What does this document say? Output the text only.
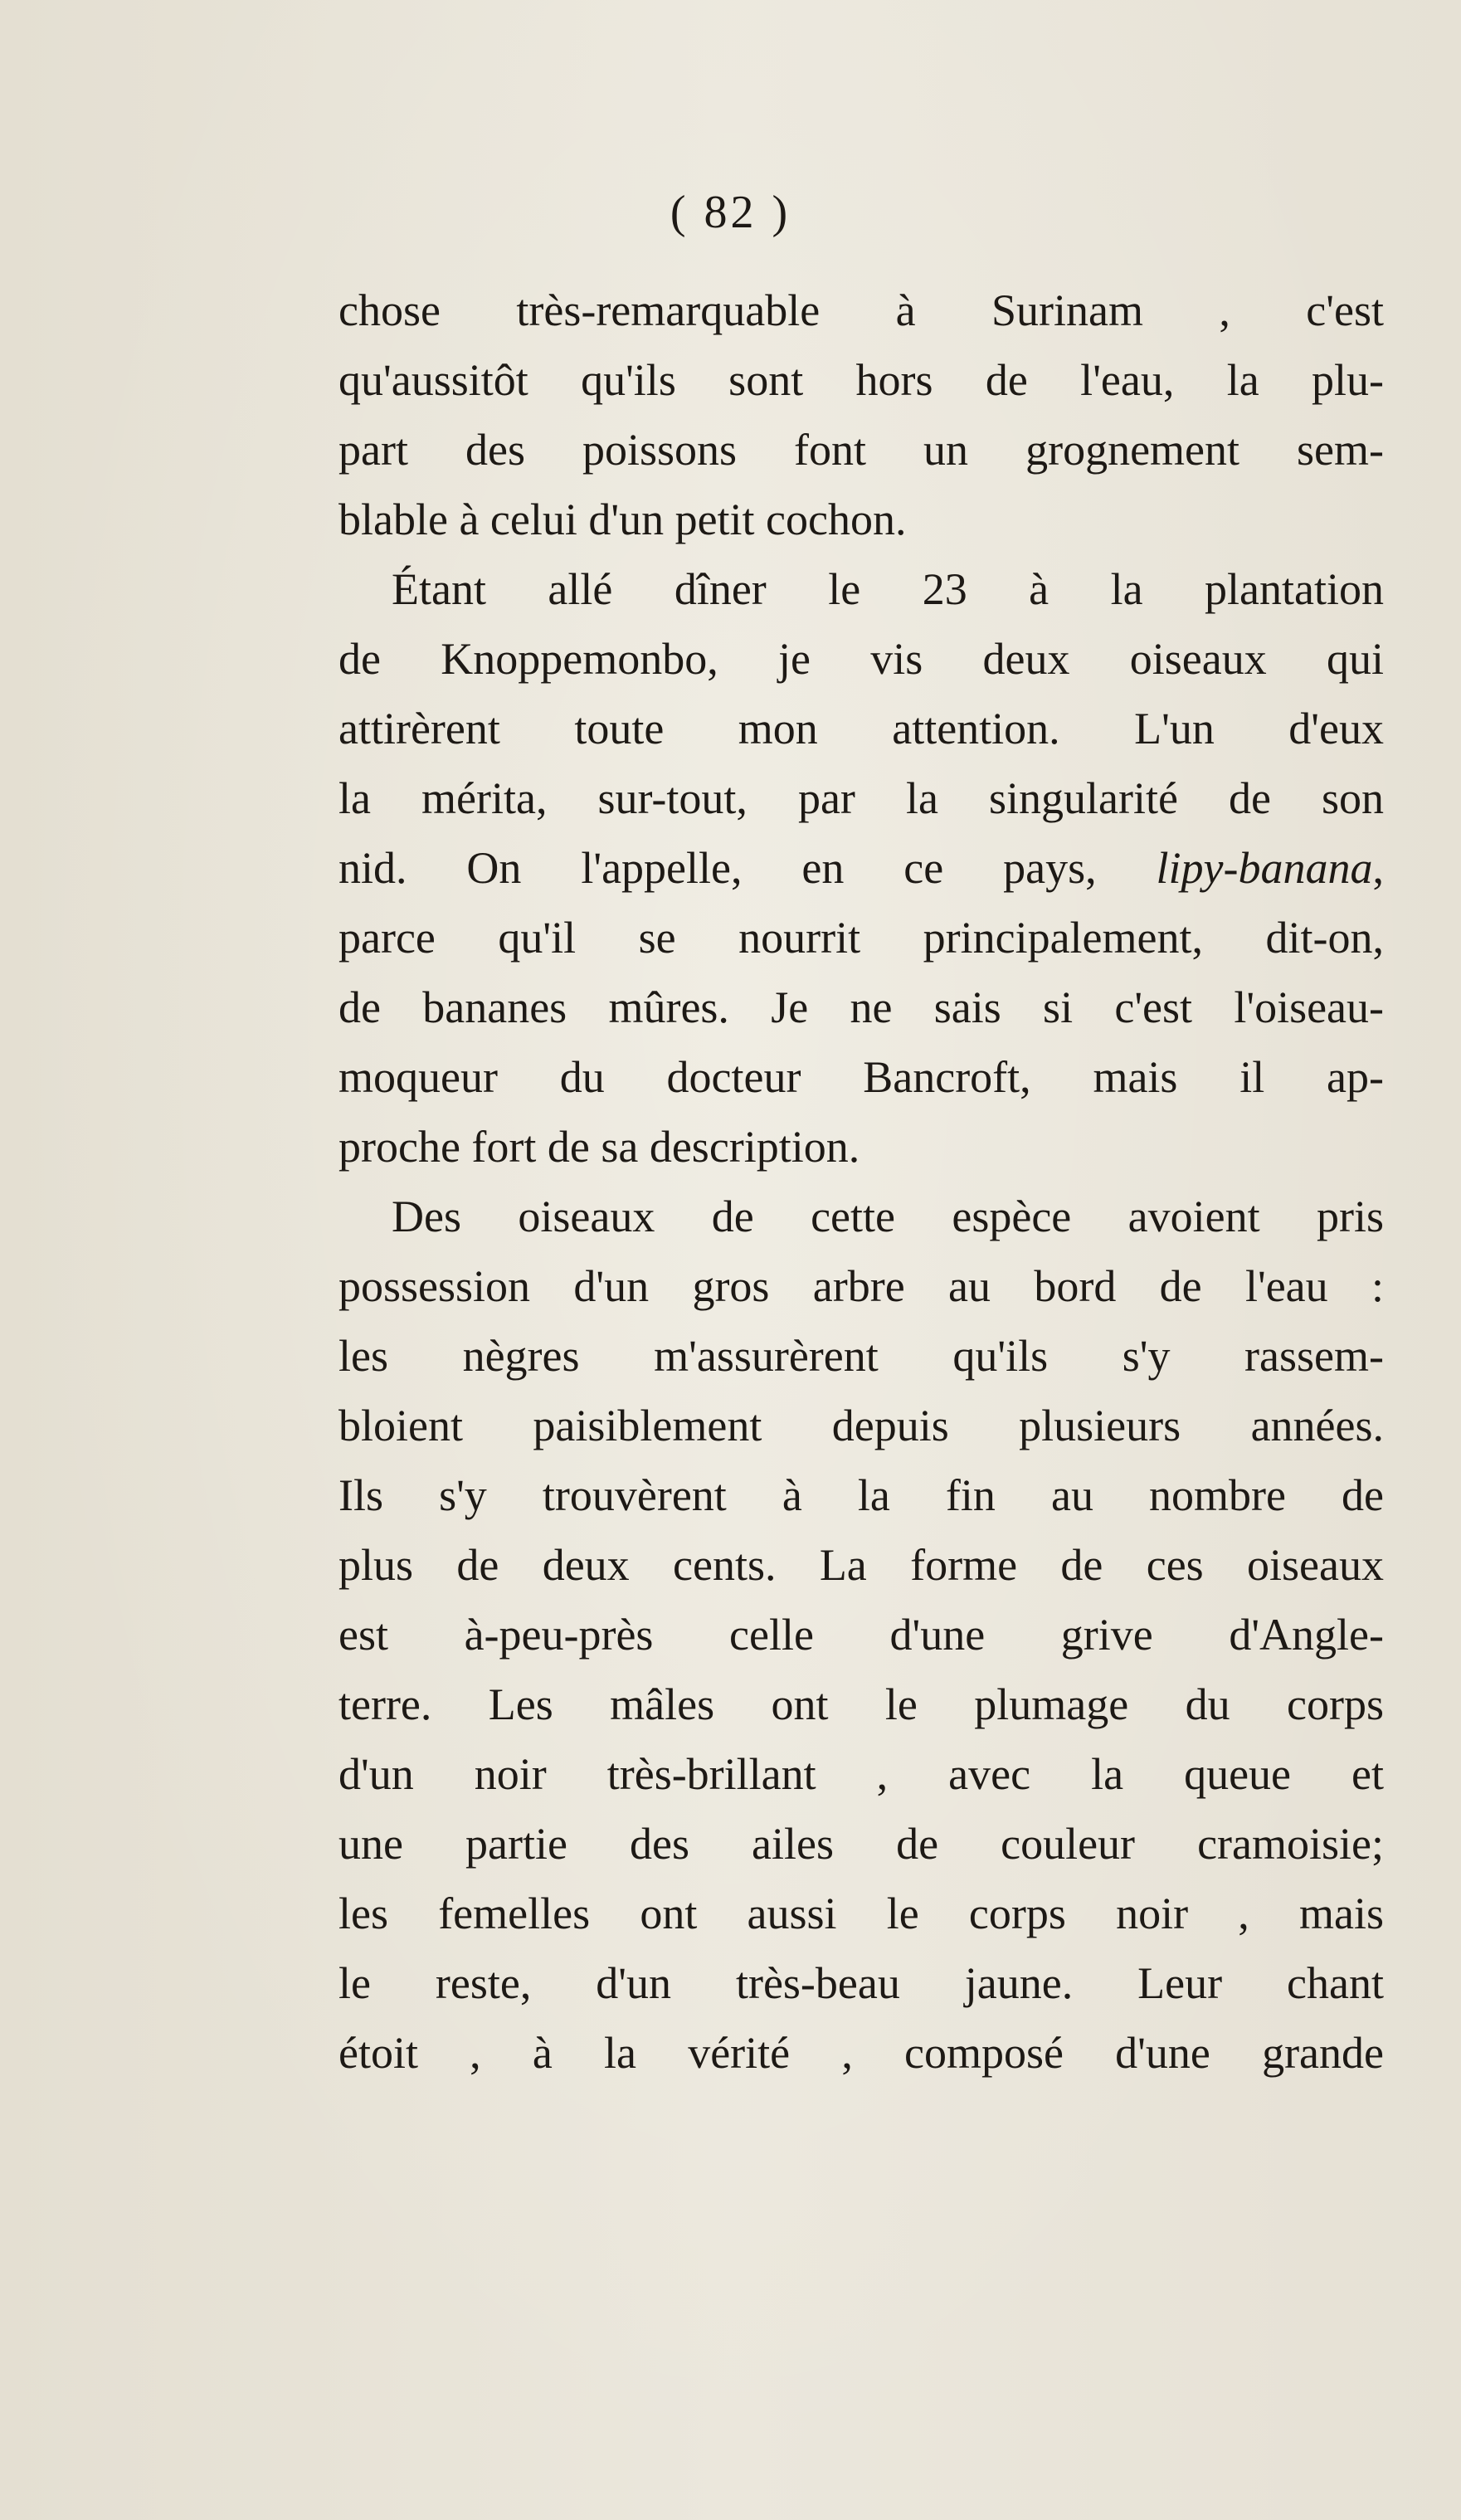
( 82 )

chose très-remarquable à Surinam , c'est

qu'aussitôt qu'ils sont hors de l'eau, la plu-

part des poissons font un grognement sem-

blable à celui d'un petit cochon.

Étant allé dîner le 23 à la plantation

de Knoppemonbo, je vis deux oiseaux qui

attirèrent toute mon attention. L'un d'eux

la mérita, sur-tout, par la singularité de son

nid. On l'appelle, en ce pays, lipy-banana,

parce qu'il se nourrit principalement, dit-on,

de bananes mûres. Je ne sais si c'est l'oiseau-

moqueur du docteur Bancroft, mais il ap-

proche fort de sa description.

Des oiseaux de cette espèce avoient pris

possession d'un gros arbre au bord de l'eau :

les nègres m'assurèrent qu'ils s'y rassem-

bloient paisiblement depuis plusieurs années.

Ils s'y trouvèrent à la fin au nombre de

plus de deux cents. La forme de ces oiseaux

est à-peu-près celle d'une grive d'Angle-

terre. Les mâles ont le plumage du corps

d'un noir très-brillant , avec la queue et

une partie des ailes de couleur cramoisie;

les femelles ont aussi le corps noir , mais

le reste, d'un très-beau jaune. Leur chant

étoit , à la vérité , composé d'une grande
